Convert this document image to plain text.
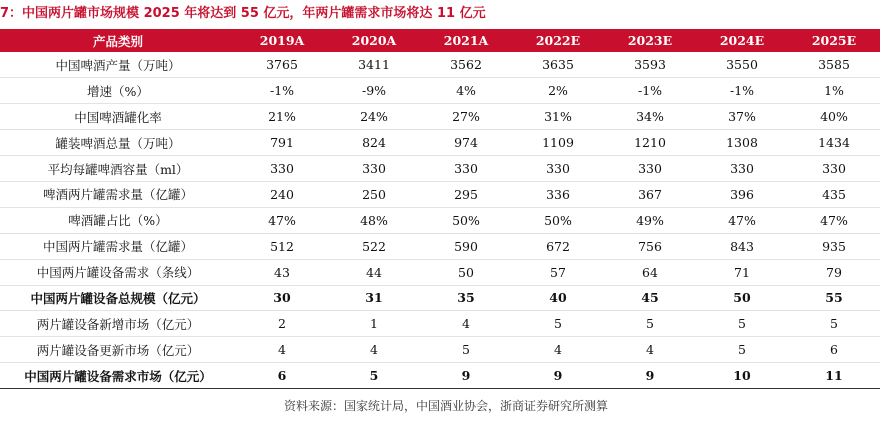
7：中国两片罐市场规模 2025 年将达到 55 亿元，年两片罐需求市场将达 11 亿元
产品类别	2019A	2020A	2021A	2022E	2023E	2024E	2025E
中国啤酒产量（万吨）	3765	3411	3562	3635	3593	3550	3585
增速（%）	-1%	-9%	4%	2%	-1%	-1%	1%
中国啤酒罐化率	21%	24%	27%	31%	34%	37%	40%
罐装啤酒总量（万吨）	791	824	974	1109	1210	1308	1434
平均每罐啤酒容量（ml）	330	330	330	330	330	330	330
啤酒两片罐需求量（亿罐）	240	250	295	336	367	396	435
啤酒罐占比（%）	47%	48%	50%	50%	49%	47%	47%
中国两片罐需求量（亿罐）	512	522	590	672	756	843	935
中国两片罐设备需求（条线）	43	44	50	57	64	71	79
中国两片罐设备总规模（亿元）	30	31	35	40	45	50	55
两片罐设备新增市场（亿元）	2	1	4	5	5	5	5
两片罐设备更新市场（亿元）	4	4	5	4	4	5	6
中国两片罐设备需求市场（亿元）	6	5	9	9	9	10	11
资料来源：国家统计局，中国酒业协会，浙商证券研究所测算
